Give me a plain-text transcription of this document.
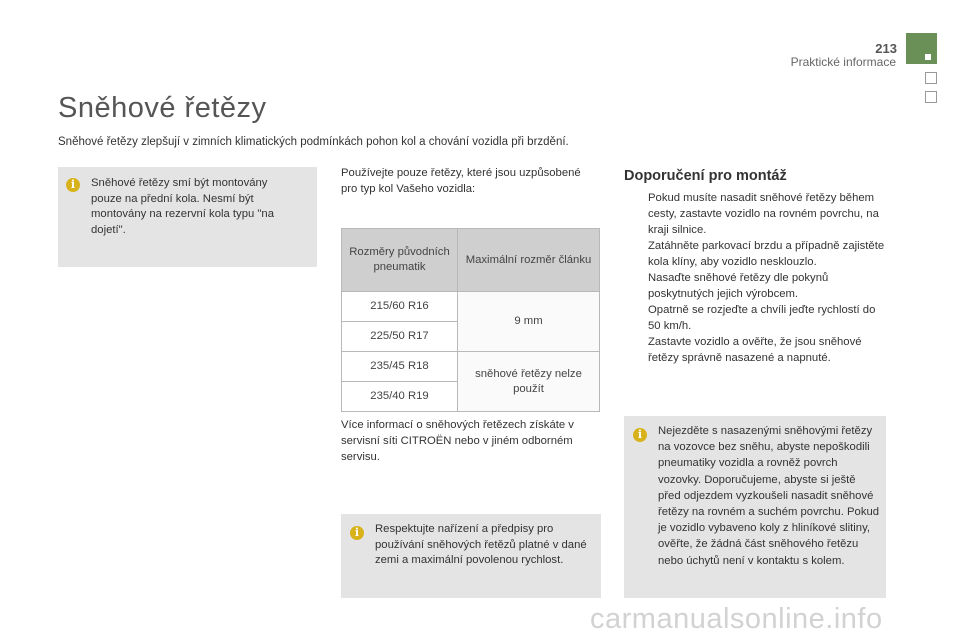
213
Praktické informace
Sněhové řetězy

Sněhové řetězy zlepšují v zimních klimatických podmínkách pohon kol a chování vozidla při brzdění.

i	Sněhové řetězy smí být montovány pouze na přední kola. Nesmí být montovány na rezervní kola typu "na dojetí".

Používejte pouze řetězy, které jsou uzpůsobené pro typ kol Vašeho vozidla:

Rozměry původních pneumatik	Maximální rozměr článku
215/60 R16	9 mm
225/50 R17	
235/45 R18	sněhové řetězy nelze použít
235/40 R19	

Více informací o sněhových řetězech získáte v servisní síti CITROËN nebo v jiném odborném servisu.

i	Respektujte nařízení a předpisy pro používání sněhových řetězů platné v dané zemi a maximální povolenou rychlost.

Doporučení pro montáž
Pokud musíte nasadit sněhové řetězy během cesty, zastavte vozidlo na rovném povrchu, na kraji silnice.
Zatáhněte parkovací brzdu a případně zajistěte kola klíny, aby vozidlo nesklouzlo.
Nasaďte sněhové řetězy dle pokynů poskytnutých jejich výrobcem.
Opatrně se rozjeďte a chvíli jeďte rychlostí do 50 km/h.
Zastavte vozidlo a ověřte, že jsou sněhové řetězy správně nasazené a napnuté.
i	Nejezděte s nasazenými sněhovými řetězy na vozovce bez sněhu, abyste nepoškodili pneumatiky vozidla a rovněž povrch vozovky. Doporučujeme, abyste si ještě před odjezdem vyzkoušeli nasadit sněhové řetězy na rovném a suchém povrchu. Pokud je vozidlo vybaveno koly z hliníkové slitiny, ověřte, že žádná část sněhového řetězu nebo úchytů není v kontaktu s kolem.

carmanualsonline.info
